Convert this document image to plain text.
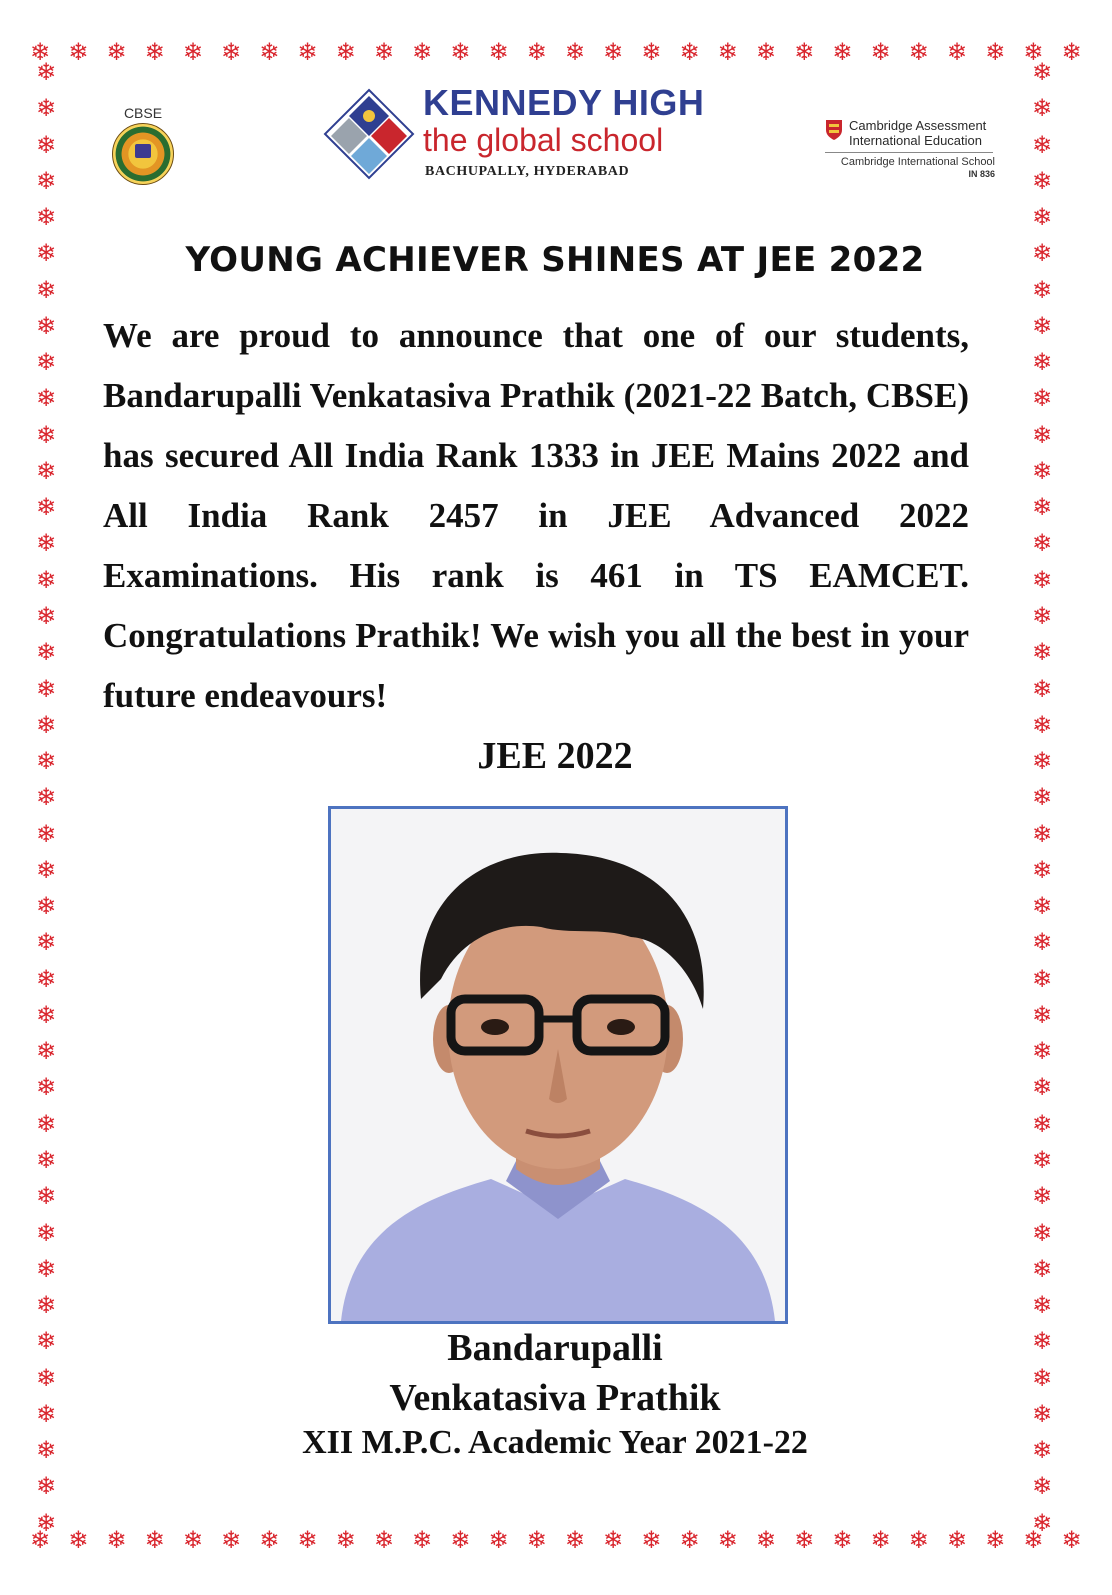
❄ ❄ ❄ ❄ ❄ ❄ ❄ ❄ ❄ ❄ ❄ ❄ ❄ ❄ ❄ ❄ ❄ ❄ ❄ ❄ ❄ ❄ ❄ ❄ ❄ ❄ ❄ ❄
❄ ❄ ❄ ❄ ❄ ❄ ❄ ❄ ❄ ❄ ❄ ❄ ❄ ❄ ❄ ❄ ❄ ❄ ❄ ❄ ❄ ❄ ❄ ❄ ❄ ❄ ❄ ❄
❄
❄
❄
❄
❄
❄
❄
❄
❄
❄
❄
❄
❄
❄
❄
❄
❄
❄
❄
❄
❄
❄
❄
❄
❄
❄
❄
❄
❄
❄
❄
❄
❄
❄
❄
❄
❄
❄
❄
❄
❄
❄
❄
❄
❄
❄
❄
❄
❄
❄
❄
❄
❄
❄
❄
❄
❄
❄
❄
❄
❄
❄
❄
❄
❄
❄
❄
❄
❄
❄
❄
❄
❄
❄
❄
❄
❄
❄
❄
❄
❄
❄
CBSE	KENNEDY HIGH
the global school
BACHUPALLY, HYDERABAD
Cambridge Assessment
International Education
Cambridge International School
IN 836
YOUNG ACHIEVER SHINES AT JEE 2022

We are proud to announce that one of our students, Bandarupalli Venkatasiva Prathik (2021-22 Batch, CBSE) has secured All India Rank 1333 in JEE Mains 2022 and All India Rank 2457 in JEE Advanced 2022 Examinations. His rank is 461 in TS EAMCET. Congratulations Prathik! We wish you all the best in your future endeavours!

JEE 2022

Bandarupalli

Venkatasiva Prathik

XII M.P.C. Academic Year 2021-22
